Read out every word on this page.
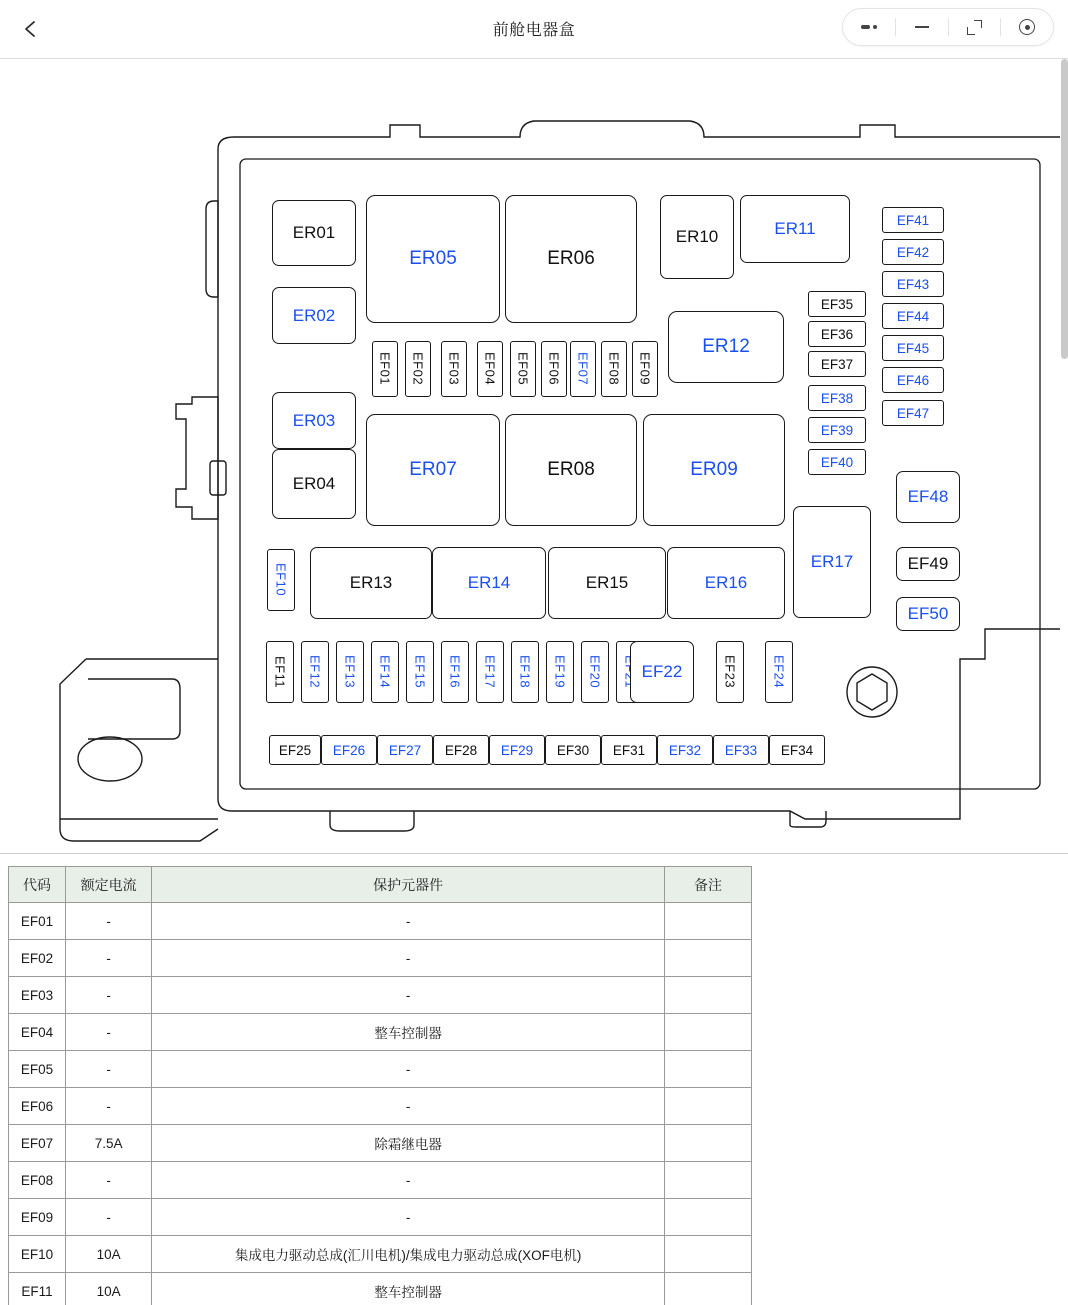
前舱电器盒
ER01
ER02
ER03
ER04
ER05	ER06
ER10	ER11
ER12
ER07	ER08	ER09
ER13	ER14	ER15	ER16
ER17
EF01	EF02	EF03	EF04	EF05	EF06	EF07	EF08	EF09
EF10
EF11	EF12	EF13	EF14	EF15	EF16	EF17	EF18	EF19	EF20	EF22	EF23	EF24
EF25	EF26	EF27	EF28	EF29	EF30	EF31	EF32	EF33	EF34
EF35
EF36
EF37
EF38
EF39
EF40
EF41
EF42
EF43
EF44
EF45
EF46
EF47
EF48
EF49
EF50
代码	额定电流	保护元器件	备注
EF01	-	-	
EF02	-	-	
EF03	-	-	
EF04	-	整车控制器	
EF05	-	-	
EF06	-	-	
EF07	7.5A	除霜继电器	
EF08	-	-	
EF09	-	-	
EF10	10A	集成电力驱动总成(汇川电机)/集成电力驱动总成(XOF电机)	
EF11	10A	整车控制器	
